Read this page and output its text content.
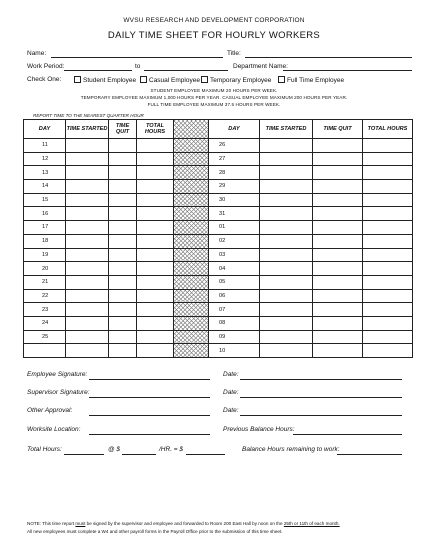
WVSU RESEARCH AND DEVELOPMENT CORPORATION
DAILY TIME SHEET FOR HOURLY WORKERS
Name:	Title:
Work Period:	to	Department Name:
Check One:	Student Employee	Casual Employee	Temporary Employee	Full Time Employee
STUDENT EMPLOYEE MAXIMUM 20 HOURS PER WEEK.
TEMPORARY EMPLOYEE MAXIMUM 1,000 HOURS PER YEAR. CASUAL EMPLOYEE MAXIMUM 200 HOURS PER YEAR.
FULL TIME EMPLOYEE MAXIMUM 37.5 HOURS PER WEEK.
REPORT TIME TO THE NEAREST QUARTER HOUR
DAY	TIME STARTED	TIME QUIT	TOTAL HOURS		DAY	TIME STARTED	TIME QUIT	TOTAL HOURS
11					26			
12					27			
13					28			
14					29			
15					30			
16					31			
17					01			
18					02			
19					03			
20					04			
21					05			
22					06			
23					07			
24					08			
25					09			
					10			
Employee Signature:	Date:
Supervisor Signature:	Date:
Other Approval:	Date:
Worksite Location:	Previous Balance Hours:
Total Hours:	@ $	/HR. = $	Balance Hours remaining to work:
NOTE: This time report must be signed by the supervisor and employee and forwarded to Room 200 East Hall by noon on the 25th or 11th of each month.
All new employees must complete a W4 and other payroll forms in the Payroll Office prior to the submission of this time sheet.
